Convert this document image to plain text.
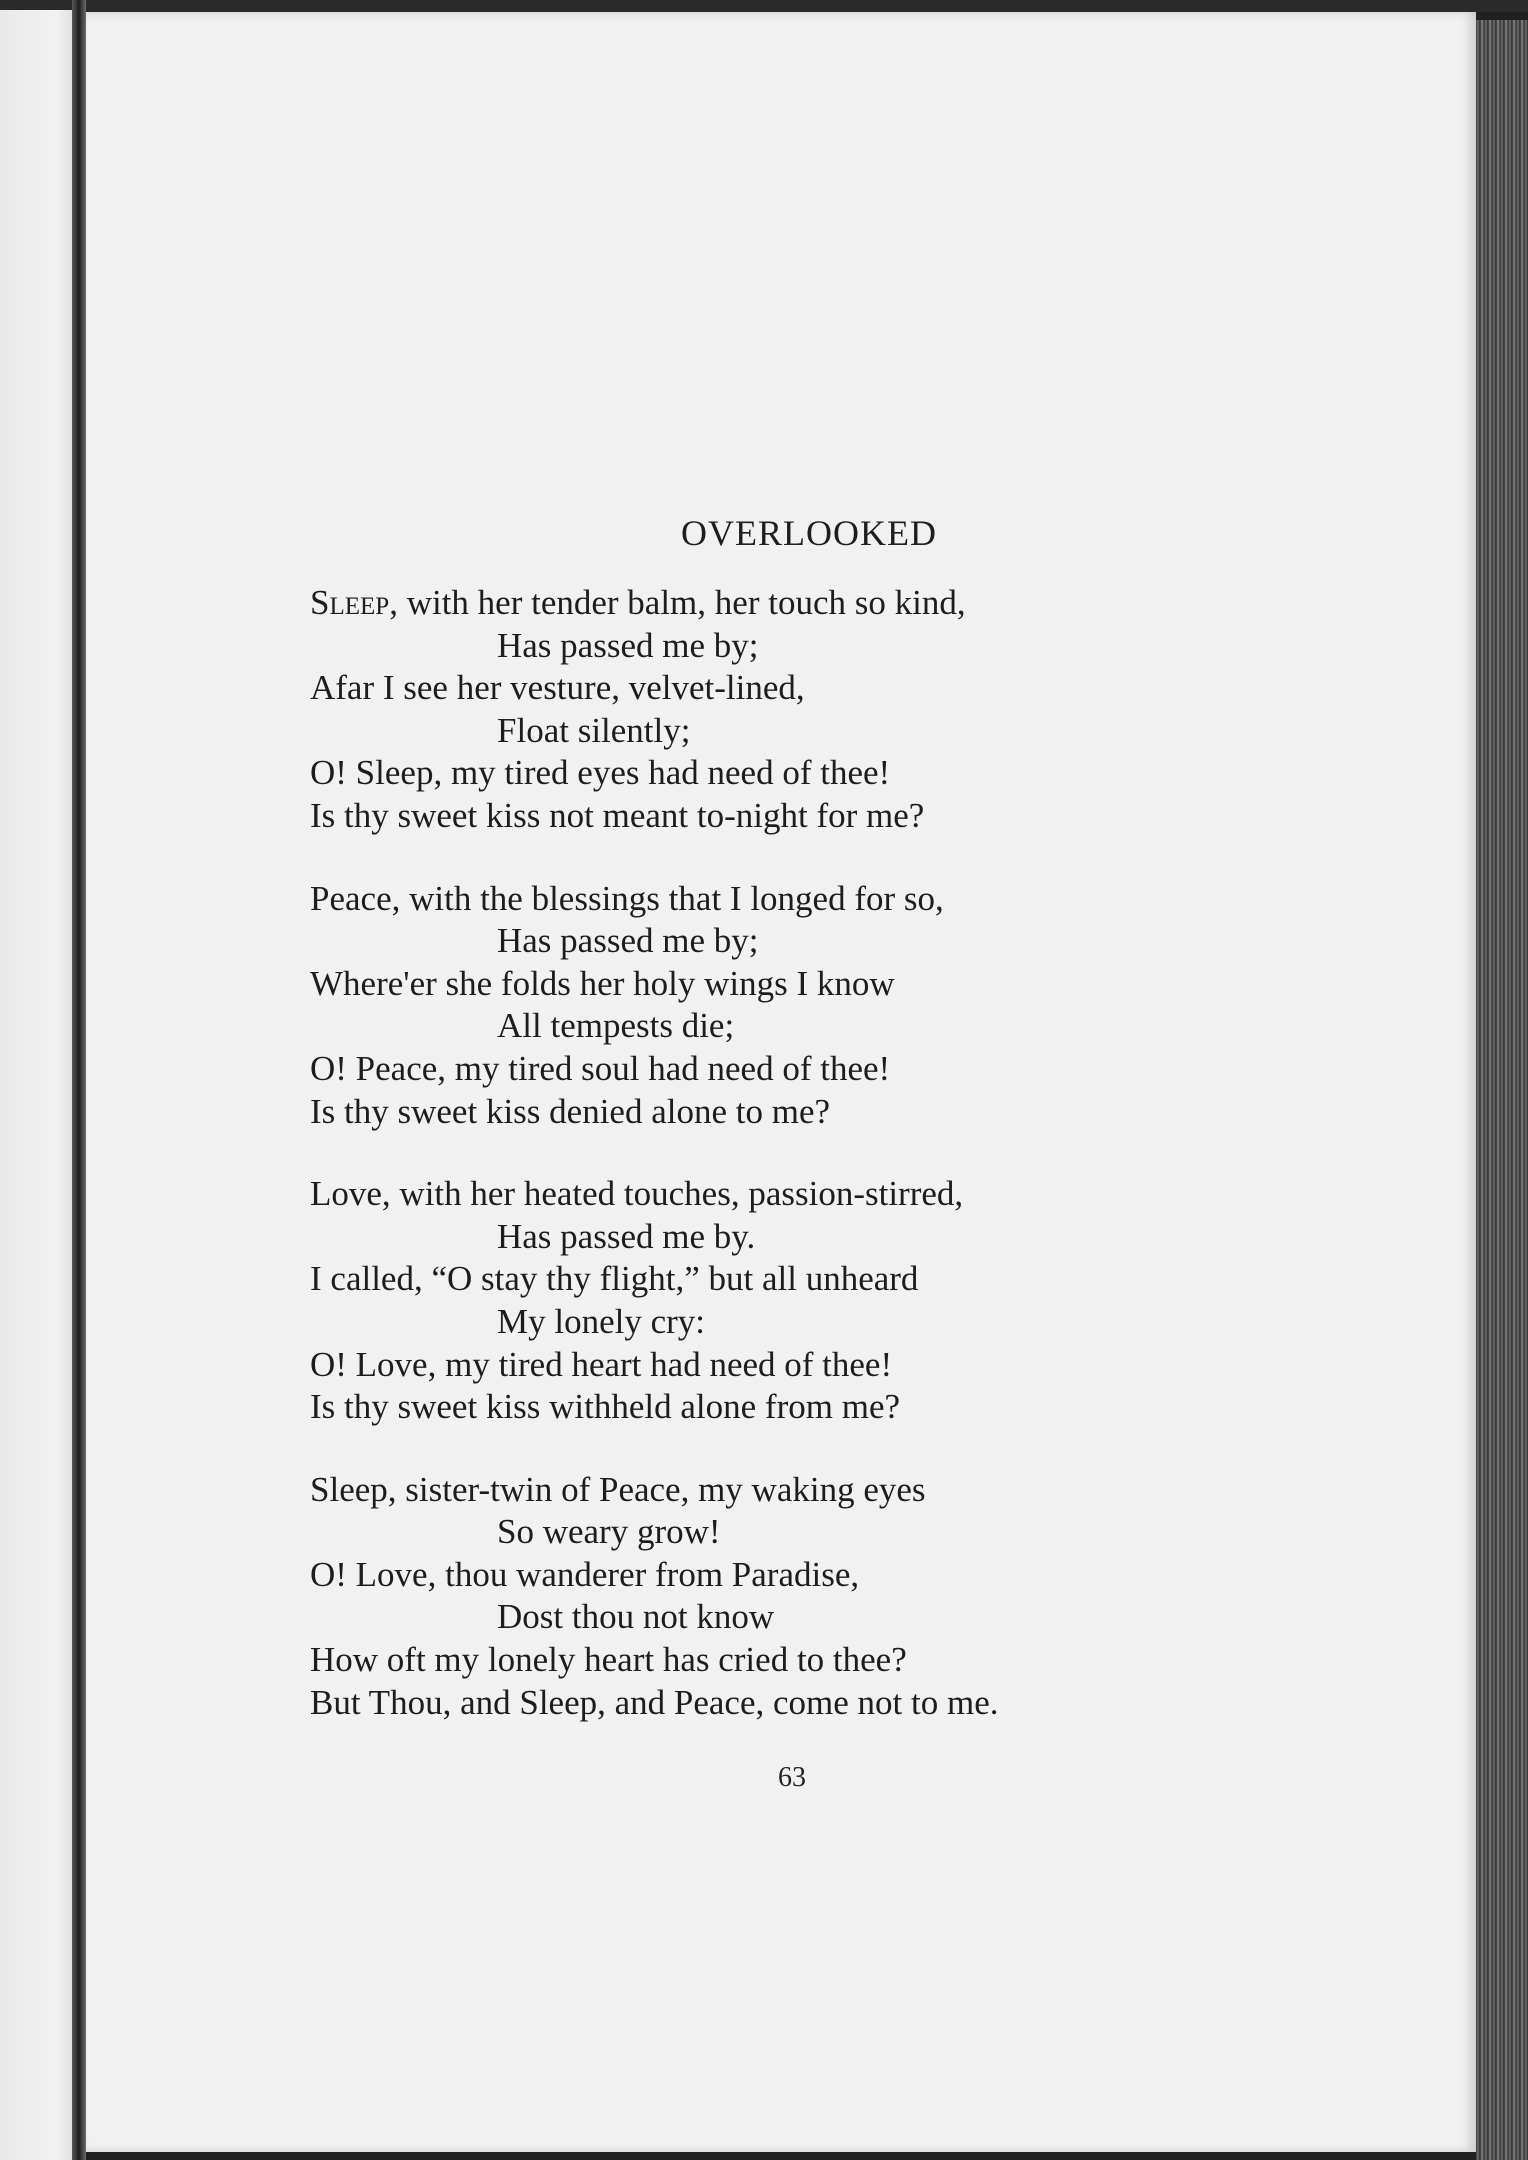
OVERLOOKED
Sleep, with her tender balm, her touch so kind,
Has passed me by;
Afar I see her vesture, velvet-lined,
Float silently;
O! Sleep, my tired eyes had need of thee!
Is thy sweet kiss not meant to-night for me?
Peace, with the blessings that I longed for so,
Has passed me by;
Where'er she folds her holy wings I know
All tempests die;
O! Peace, my tired soul had need of thee!
Is thy sweet kiss denied alone to me?
Love, with her heated touches, passion-stirred,
Has passed me by.
I called, “O stay thy flight,” but all unheard
My lonely cry:
O! Love, my tired heart had need of thee!
Is thy sweet kiss withheld alone from me?
Sleep, sister-twin of Peace, my waking eyes
So weary grow!
O! Love, thou wanderer from Paradise,
Dost thou not know
How oft my lonely heart has cried to thee?
But Thou, and Sleep, and Peace, come not to me.
63
